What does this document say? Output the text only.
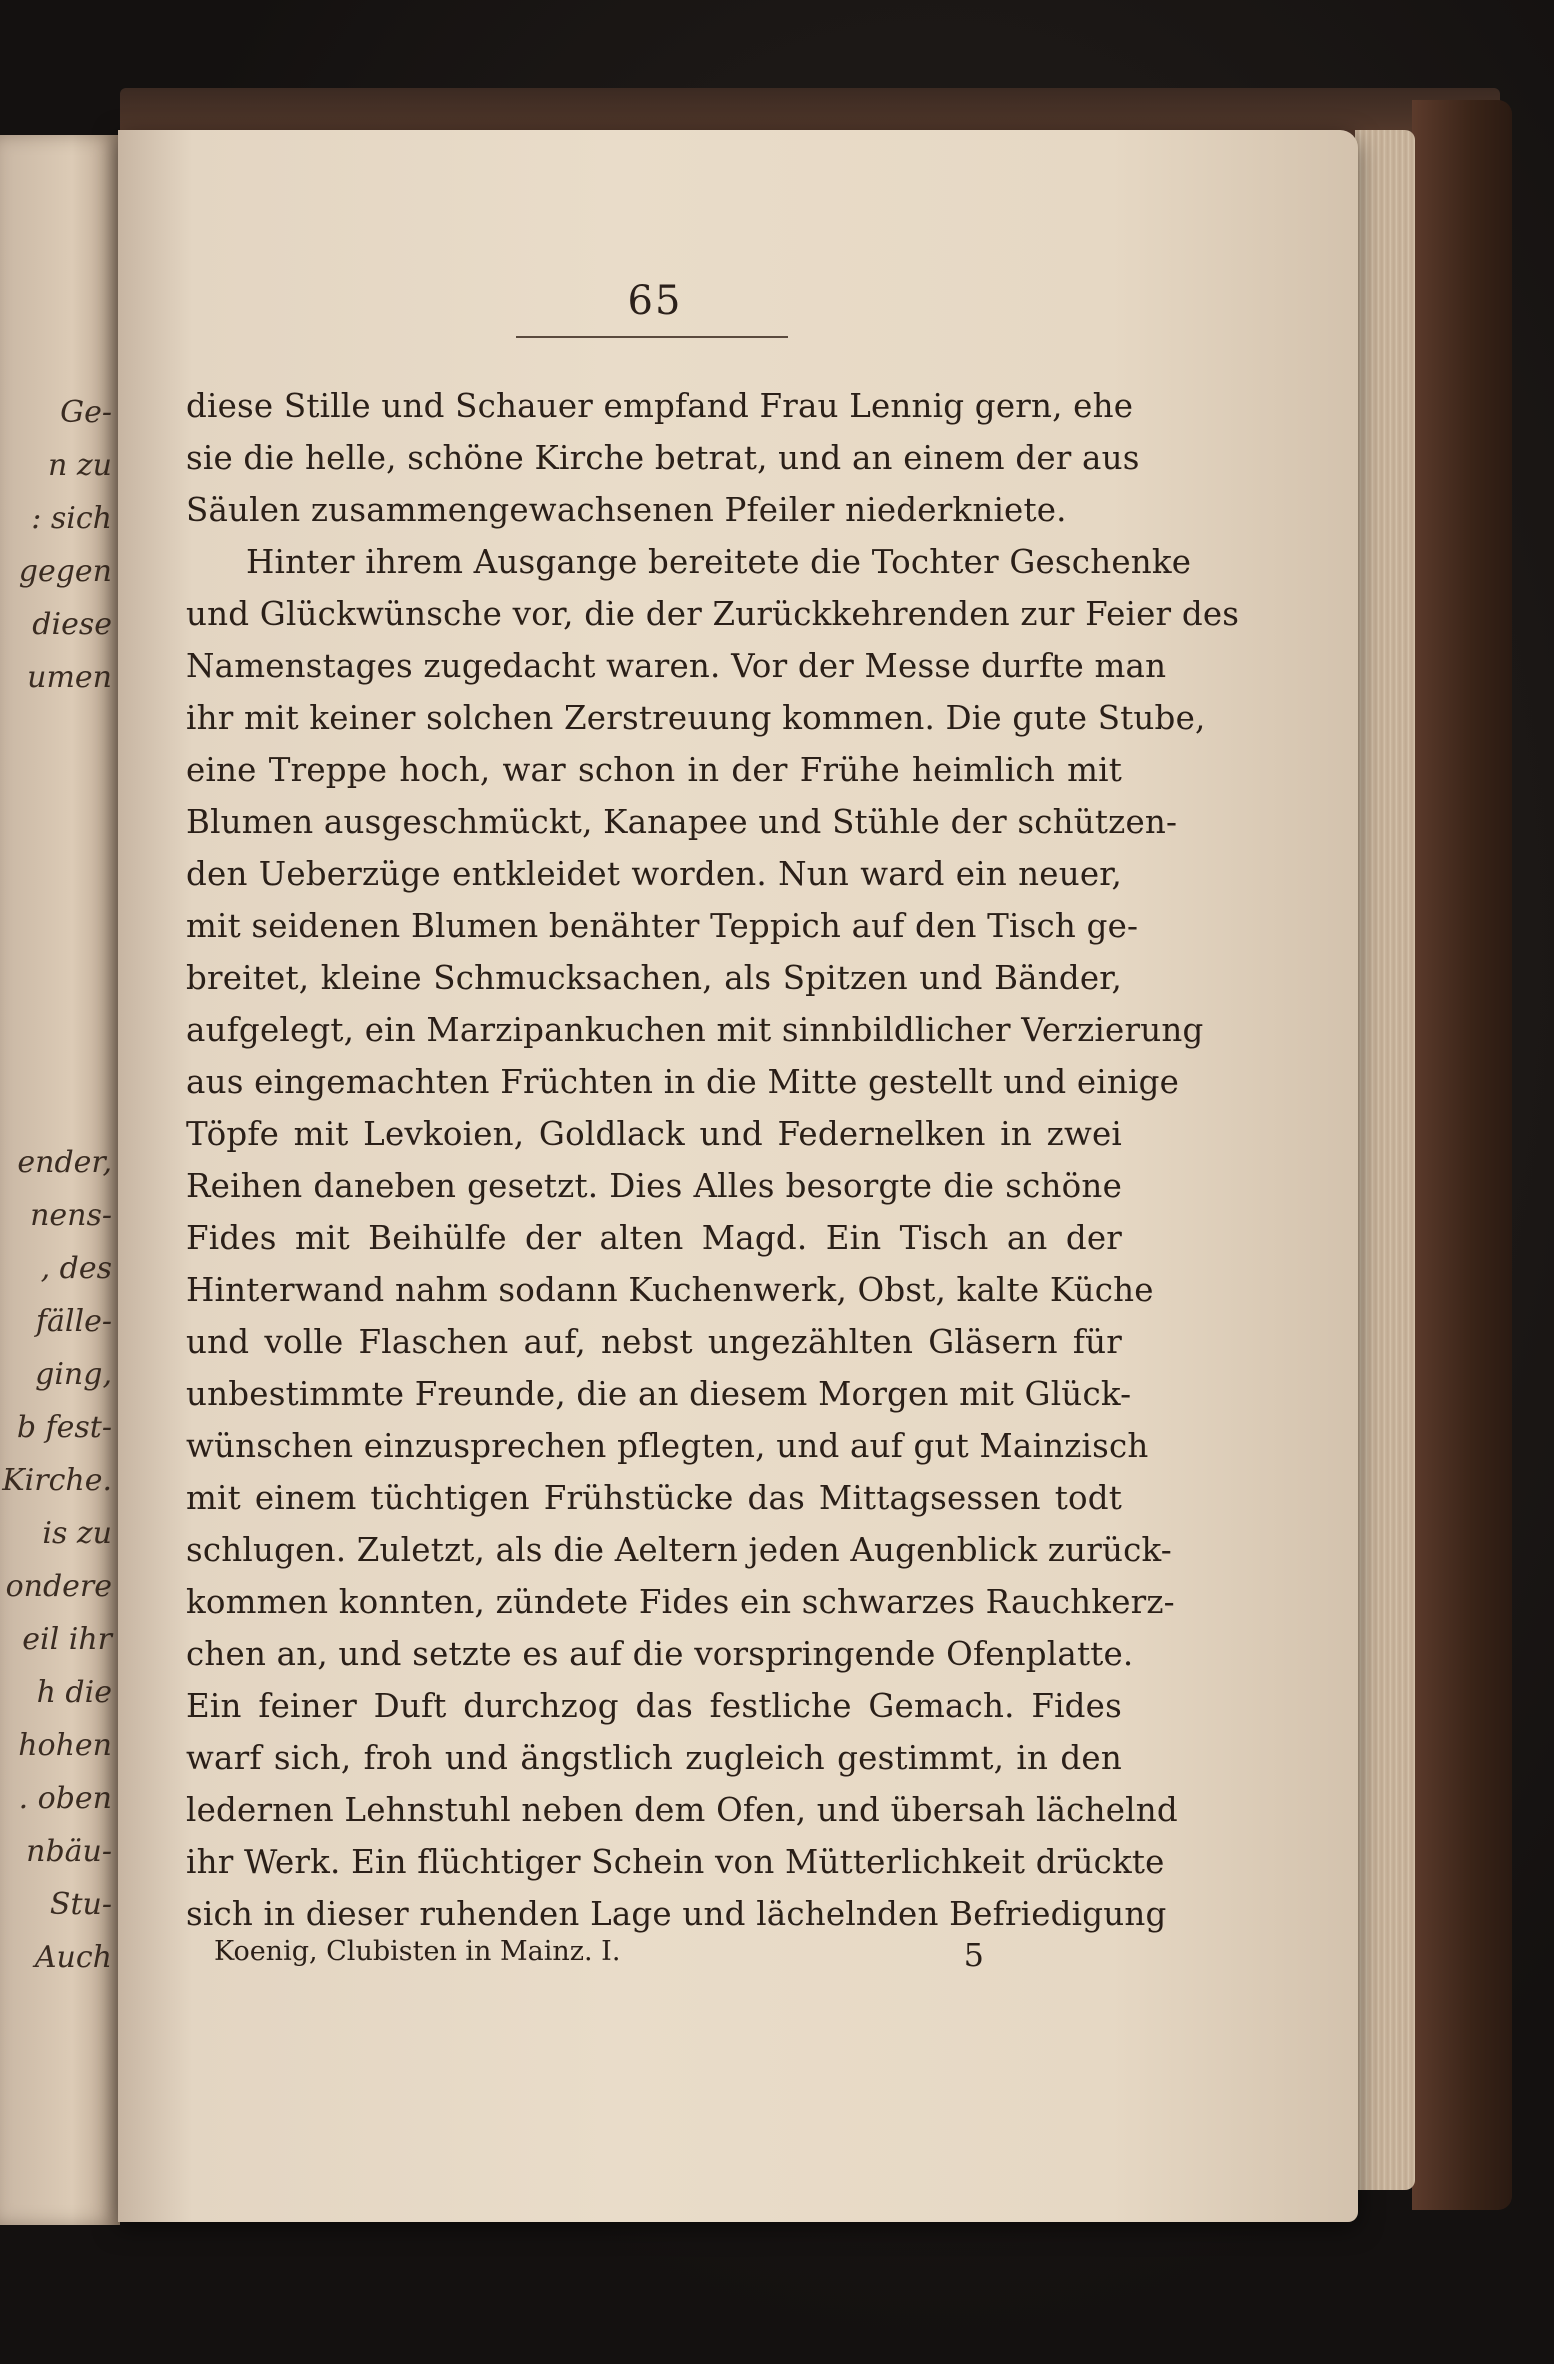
Ge-
n zu
: sich
gegen
diese
umen
ender,
nens-
, des
fälle-
ging,
b fest-
Kirche.
is zu
ondere
eil ihr
h die
hohen
. oben
nbäu-
Stu-
Auch
65
diese Stille und Schauer empfand Frau Lennig gern, ehe
sie die helle, schöne Kirche betrat, und an einem der aus
Säulen zusammengewachsenen Pfeiler niederkniete.
Hinter ihrem Ausgange bereitete die Tochter Geschenke
und Glückwünsche vor, die der Zurückkehrenden zur Feier des
Namenstages zugedacht waren. Vor der Messe durfte man
ihr mit keiner solchen Zerstreuung kommen. Die gute Stube,
eine Treppe hoch, war schon in der Frühe heimlich mit
Blumen ausgeschmückt, Kanapee und Stühle der schützen-
den Ueberzüge entkleidet worden. Nun ward ein neuer,
mit seidenen Blumen benähter Teppich auf den Tisch ge-
breitet, kleine Schmucksachen, als Spitzen und Bänder,
aufgelegt, ein Marzipankuchen mit sinnbildlicher Verzierung
aus eingemachten Früchten in die Mitte gestellt und einige
Töpfe mit Levkoien, Goldlack und Federnelken in zwei
Reihen daneben gesetzt. Dies Alles besorgte die schöne
Fides mit Beihülfe der alten Magd. Ein Tisch an der
Hinterwand nahm sodann Kuchenwerk, Obst, kalte Küche
und volle Flaschen auf, nebst ungezählten Gläsern für
unbestimmte Freunde, die an diesem Morgen mit Glück-
wünschen einzusprechen pflegten, und auf gut Mainzisch
mit einem tüchtigen Frühstücke das Mittagsessen todt
schlugen. Zuletzt, als die Aeltern jeden Augenblick zurück-
kommen konnten, zündete Fides ein schwarzes Rauchkerz-
chen an, und setzte es auf die vorspringende Ofenplatte.
Ein feiner Duft durchzog das festliche Gemach. Fides
warf sich, froh und ängstlich zugleich gestimmt, in den
ledernen Lehnstuhl neben dem Ofen, und übersah lächelnd
ihr Werk. Ein flüchtiger Schein von Mütterlichkeit drückte
sich in dieser ruhenden Lage und lächelnden Befriedigung
Koenig, Clubisten in Mainz. I.	5
